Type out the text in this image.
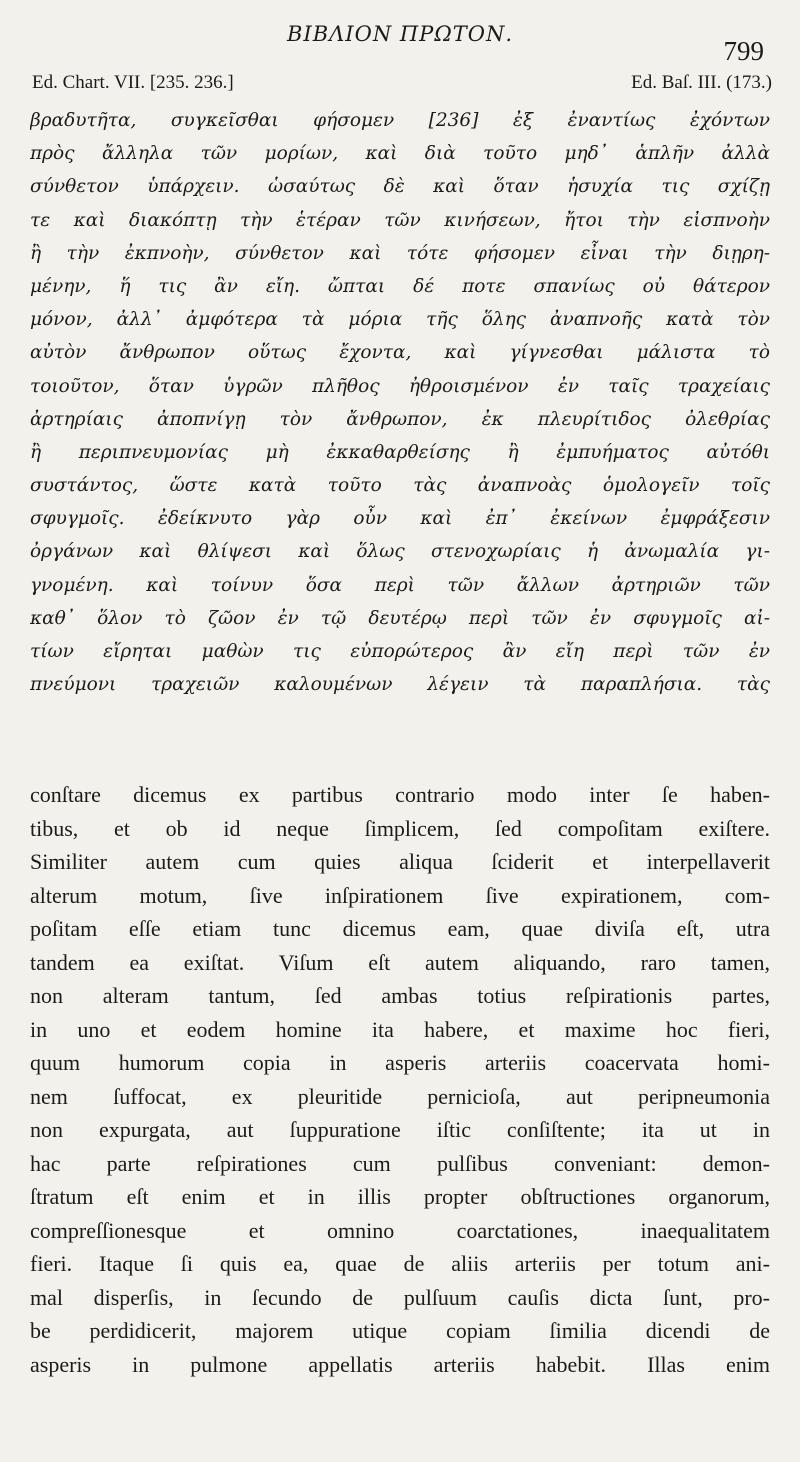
ΒΙΒΛΙΟΝ ΠΡΩΤΟΝ.
799
Ed. Chart. VII. [235. 236.]	Ed. Baſ. III. (173.)
βραδυτῆτα, συγκεῖσθαι φήσομεν [236] ἐξ ἐναντίως ἐχόντων
πρὸς ἄλληλα τῶν μορίων, καὶ διὰ τοῦτο μηδ᾽ ἁπλῆν ἀλλὰ
σύνθετον ὑπάρχειν. ὡσαύτως δὲ καὶ ὅταν ἡσυχία τις σχίζῃ
τε καὶ διακόπτῃ τὴν ἑτέραν τῶν κινήσεων, ἤτοι τὴν εἰσπνοὴν
ἢ τὴν ἐκπνοὴν, σύνθετον καὶ τότε φήσομεν εἶναι τὴν διῃρη-
μένην, ἥ τις ἂν εἴη. ὤπται δέ ποτε σπανίως οὐ θάτερον
μόνον, ἀλλ᾽ ἀμφότερα τὰ μόρια τῆς ὅλης ἀναπνοῆς κατὰ τὸν
αὐτὸν ἄνθρωπον οὕτως ἔχοντα, καὶ γίγνεσθαι μάλιστα τὸ
τοιοῦτον, ὅταν ὑγρῶν πλῆθος ἠθροισμένον ἐν ταῖς τραχείαις
ἀρτηρίαις ἀποπνίγῃ τὸν ἄνθρωπον, ἐκ πλευρίτιδος ὀλεθρίας
ἢ περιπνευμονίας μὴ ἐκκαθαρθείσης ἢ ἐμπυήματος αὐτόθι
συστάντος, ὥστε κατὰ τοῦτο τὰς ἀναπνοὰς ὁμολογεῖν τοῖς
σφυγμοῖς. ἐδείκνυτο γὰρ οὖν καὶ ἐπ᾽ ἐκείνων ἐμφράξεσιν
ὀργάνων καὶ θλίψεσι καὶ ὅλως στενοχωρίαις ἡ ἀνωμαλία γι-
γνομένη. καὶ τοίνυν ὅσα περὶ τῶν ἄλλων ἀρτηριῶν τῶν
καθ᾽ ὅλον τὸ ζῶον ἐν τῷ δευτέρῳ περὶ τῶν ἐν σφυγμοῖς αἰ-
τίων εἴρηται μαθὼν τις εὐπορώτερος ἂν εἴη περὶ τῶν ἐν
πνεύμονι τραχειῶν καλουμένων λέγειν τὰ παραπλήσια. τὰς
conſtare dicemus ex partibus contrario modo inter ſe haben-
tibus, et ob id neque ſimplicem, ſed compoſitam exiſtere.
Similiter autem cum quies aliqua ſciderit et interpellaverit
alterum motum, ſive inſpirationem ſive expirationem, com-
poſitam eſſe etiam tunc dicemus eam, quae diviſa eſt, utra
tandem ea exiſtat. Viſum eſt autem aliquando, raro tamen,
non alteram tantum, ſed ambas totius reſpirationis partes,
in uno et eodem homine ita habere, et maxime hoc fieri,
quum humorum copia in asperis arteriis coacervata homi-
nem ſuffocat, ex pleuritide pernicioſa, aut peripneumonia
non expurgata, aut ſuppuratione iſtic conſiſtente; ita ut in
hac parte reſpirationes cum pulſibus conveniant: demon-
ſtratum eſt enim et in illis propter obſtructiones organorum,
compreſſionesque et omnino coarctationes, inaequalitatem
fieri. Itaque ſi quis ea, quae de aliis arteriis per totum ani-
mal disperſis, in ſecundo de pulſuum cauſis dicta ſunt, pro-
be perdidicerit, majorem utique copiam ſimilia dicendi de
asperis in pulmone appellatis arteriis habebit. Illas enim
